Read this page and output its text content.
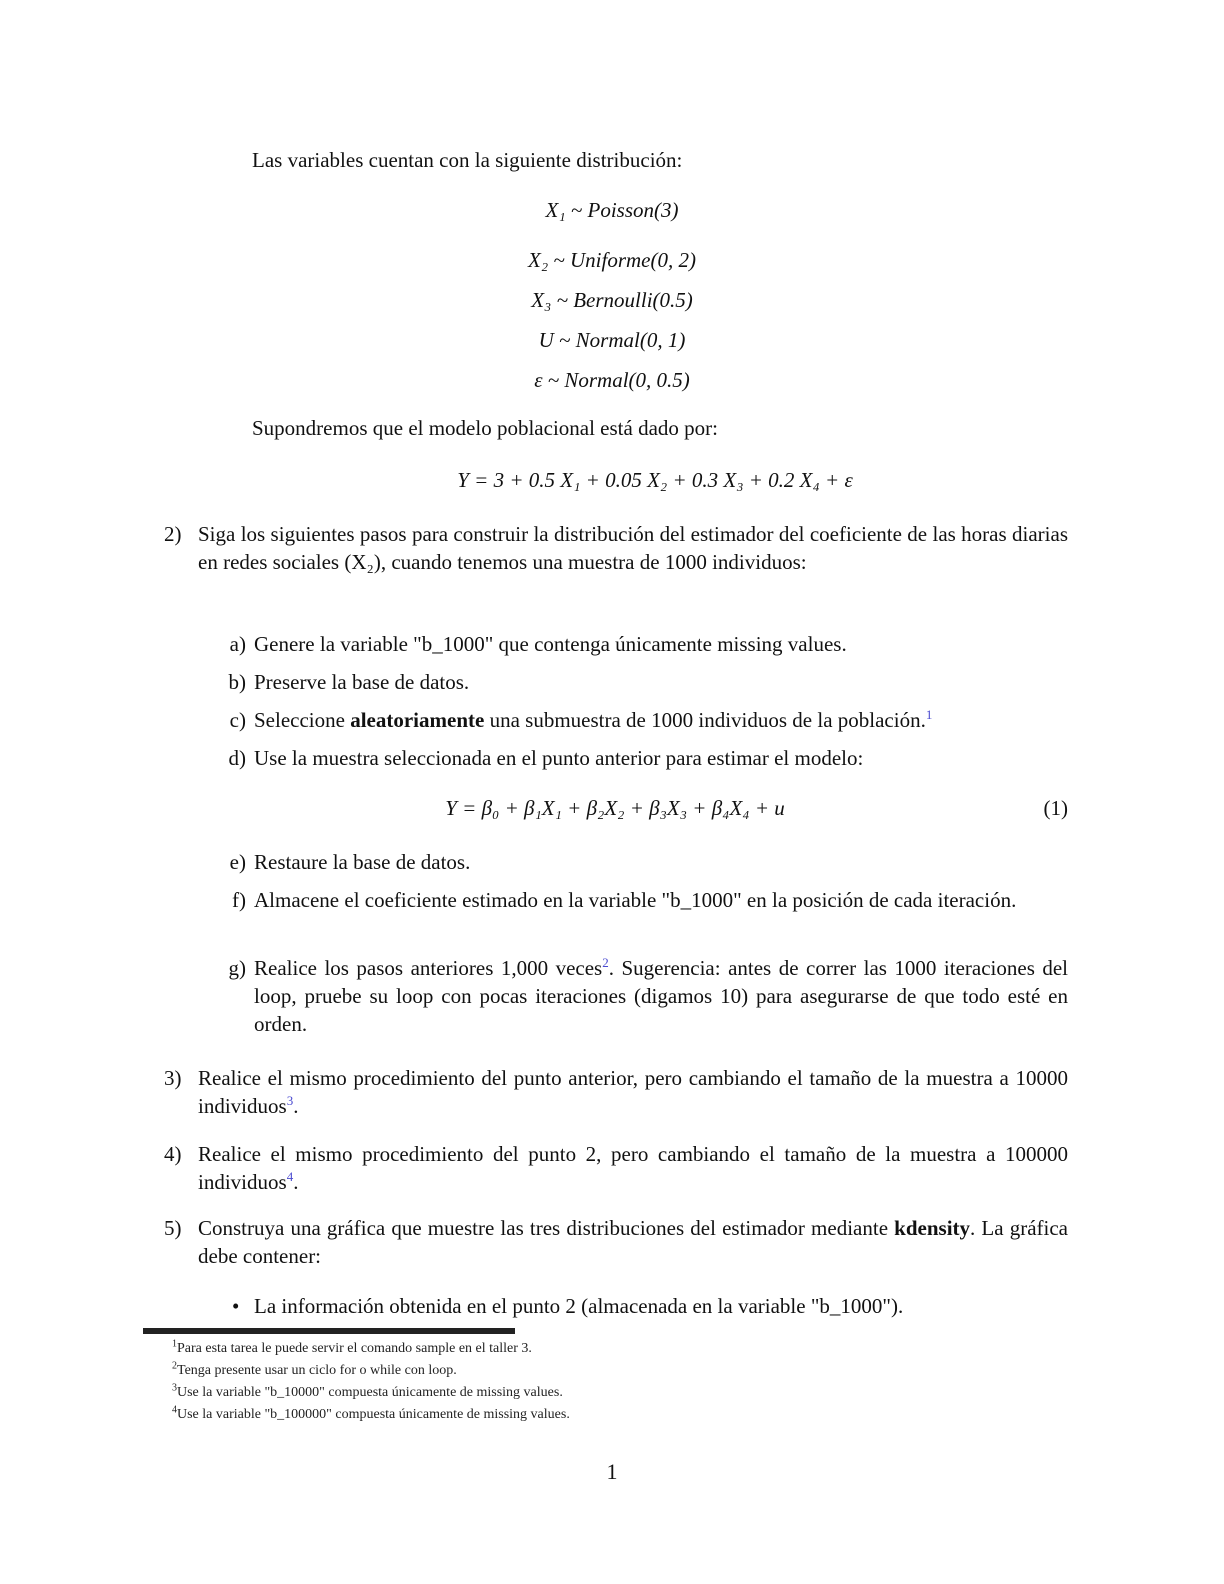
Las variables cuentan con la siguiente distribución:
X₁ ~ Poisson(3)
X₂ ~ Uniforme(0, 2)
X₃ ~ Bernoulli(0.5)
U ~ Normal(0, 1)
ε ~ Normal(0, 0.5)
Supondremos que el modelo poblacional está dado por:
Y = 3 + 0.5 X₁ + 0.05 X₂ + 0.3 X₃ + 0.2 X₄ + ε
2) Siga los siguientes pasos para construir la distribución del estimador del coeficiente de las horas diarias en redes sociales (X₂), cuando tenemos una muestra de 1000 individuos:
a) Genere la variable "b_1000" que contenga únicamente missing values.
b) Preserve la base de datos.
c) Seleccione aleatoriamente una submuestra de 1000 individuos de la población.$^1$
d) Use la muestra seleccionada en el punto anterior para estimar el modelo:
Y = β₀ + β₁X₁ + β₂X₂ + β₃X₃ + β₄X₄ + u	(1)
e) Restaure la base de datos.
f) Almacene el coeficiente estimado en la variable "b_1000" en la posición de cada iteración.
g) Realice los pasos anteriores 1,000 veces$^2$. Sugerencia: antes de correr las 1000 iteraciones del loop, pruebe su loop con pocas iteraciones (digamos 10) para asegurarse de que todo esté en orden.
3) Realice el mismo procedimiento del punto anterior, pero cambiando el tamaño de la muestra a 10000 individuos$^3$.
4) Realice el mismo procedimiento del punto 2, pero cambiando el tamaño de la muestra a 100000 individuos$^4$.
5) Construya una gráfica que muestre las tres distribuciones del estimador mediante kdensity. La gráfica debe contener:
• La información obtenida en el punto 2 (almacenada en la variable "b_1000").
$^1$Para esta tarea le puede servir el comando sample en el taller 3.
$^2$Tenga presente usar un ciclo for o while con loop.
$^3$Use la variable "b_10000" compuesta únicamente de missing values.
$^4$Use la variable "b_100000" compuesta únicamente de missing values.
1
